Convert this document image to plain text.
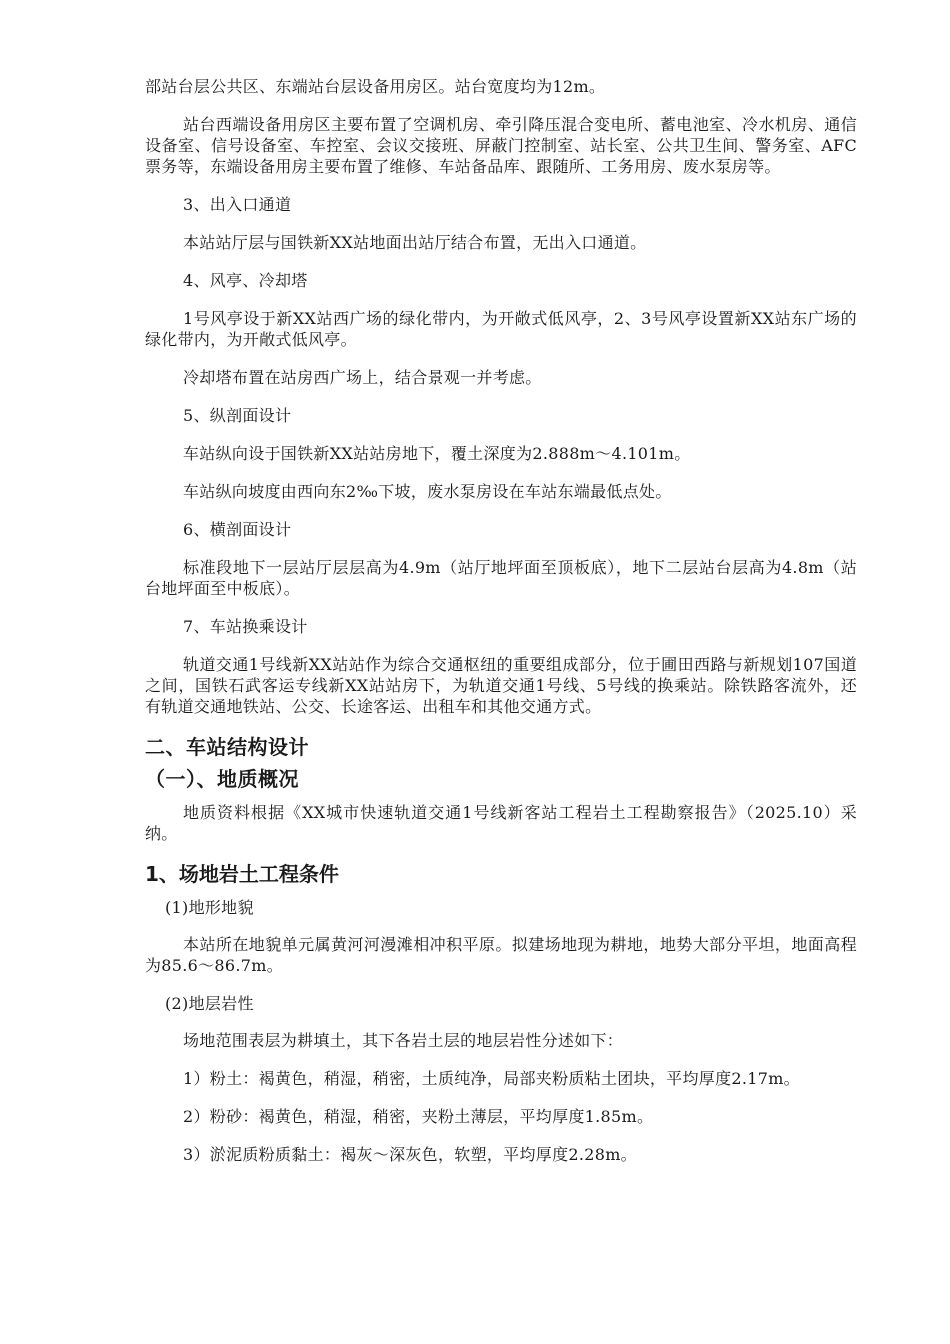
部站台层公共区、东端站台层设备用房区。站台宽度均为12m。

站台西端设备用房区主要布置了空调机房、牵引降压混合变电所、蓄电池室、冷水机房、通信设备室、信号设备室、车控室、会议交接班、屏蔽门控制室、站长室、公共卫生间、警务室、AFC票务等，东端设备用房主要布置了维修、车站备品库、跟随所、工务用房、废水泵房等。

3、出入口通道

本站站厅层与国铁新XX站地面出站厅结合布置，无出入口通道。

4、风亭、冷却塔

1号风亭设于新XX站西广场的绿化带内，为开敞式低风亭，2、3号风亭设置新XX站东广场的绿化带内，为开敞式低风亭。

冷却塔布置在站房西广场上，结合景观一并考虑。

5、纵剖面设计

车站纵向设于国铁新XX站站房地下，覆土深度为2.888m～4.101m。

车站纵向坡度由西向东2‰下坡，废水泵房设在车站东端最低点处。

6、横剖面设计

标准段地下一层站厅层层高为4.9m（站厅地坪面至顶板底），地下二层站台层高为4.8m（站台地坪面至中板底）。

7、车站换乘设计

轨道交通1号线新XX站站作为综合交通枢纽的重要组成部分，位于圃田西路与新规划107国道之间，国铁石武客运专线新XX站站房下，为轨道交通1号线、5号线的换乘站。除铁路客流外，还有轨道交通地铁站、公交、长途客运、出租车和其他交通方式。

二、车站结构设计
（一）、地质概况

地质资料根据《XX城市快速轨道交通1号线新客站工程岩土工程勘察报告》（2025.10）采纳。

1、场地岩土工程条件

(1)地形地貌

本站所在地貌单元属黄河河漫滩相冲积平原。拟建场地现为耕地，地势大部分平坦，地面高程为85.6～86.7m。

(2)地层岩性

场地范围表层为耕填土，其下各岩土层的地层岩性分述如下：

1）粉土：褐黄色，稍湿，稍密，土质纯净，局部夹粉质粘土团块，平均厚度2.17m。

2）粉砂：褐黄色，稍湿，稍密，夹粉土薄层，平均厚度1.85m。

3）淤泥质粉质黏土：褐灰～深灰色，软塑，平均厚度2.28m。
